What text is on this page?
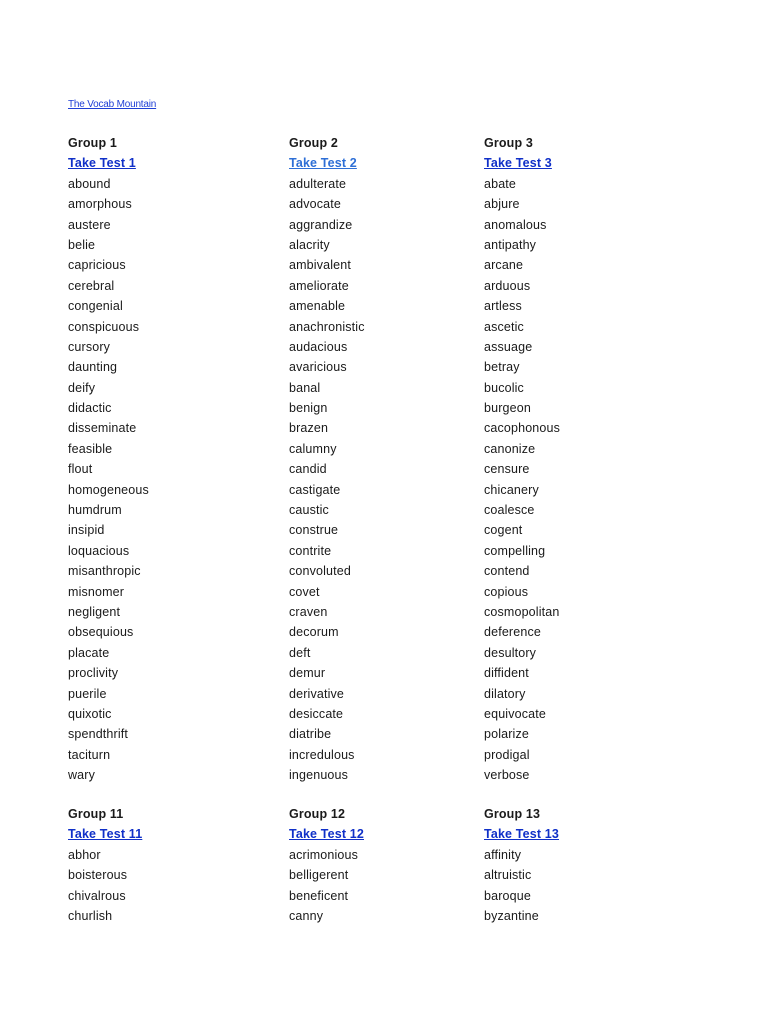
The Vocab Mountain
Group 1
Take Test 1
abound
amorphous
austere
belie
capricious
cerebral
congenial
conspicuous
cursory
daunting
deify
didactic
disseminate
feasible
flout
homogeneous
humdrum
insipid
loquacious
misanthropic
misnomer
negligent
obsequious
placate
proclivity
puerile
quixotic
spendthrift
taciturn
wary
Group 2
Take Test 2
adulterate
advocate
aggrandize
alacrity
ambivalent
ameliorate
amenable
anachronistic
audacious
avaricious
banal
benign
brazen
calumny
candid
castigate
caustic
construe
contrite
convoluted
covet
craven
decorum
deft
demur
derivative
desiccate
diatribe
incredulous
ingenuous
Group 3
Take Test 3
abate
abjure
anomalous
antipathy
arcane
arduous
artless
ascetic
assuage
betray
bucolic
burgeon
cacophonous
canonize
censure
chicanery
coalesce
cogent
compelling
contend
copious
cosmopolitan
deference
desultory
diffident
dilatory
equivocate
polarize
prodigal
verbose
Group 11
Take Test 11
abhor
boisterous
chivalrous
churlish
Group 12
Take Test 12
acrimonious
belligerent
beneficent
canny
Group 13
Take Test 13
affinity
altruistic
baroque
byzantine
